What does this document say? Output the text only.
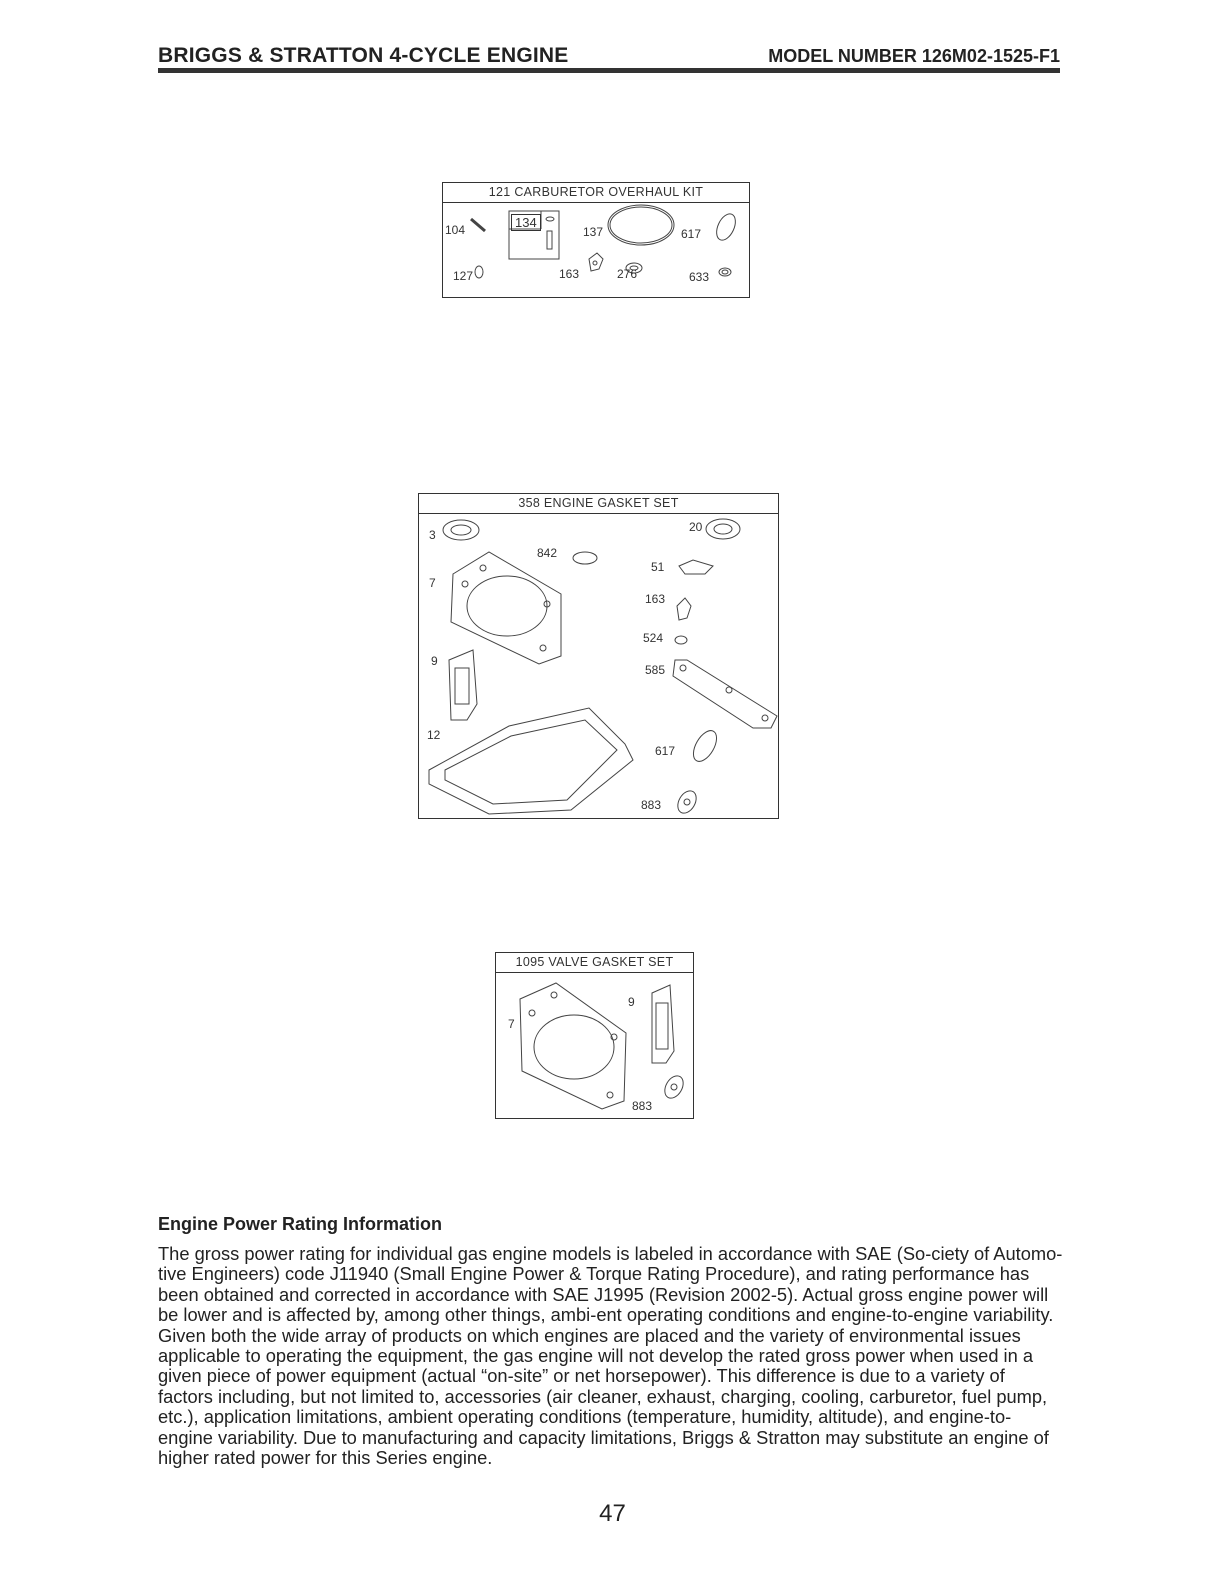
BRIGGS & STRATTON 4-CYCLE ENGINE	MODEL NUMBER 126M02-1525-F1
121 CARBURETOR OVERHAUL KIT
104	134
137	617
127	163	276	633
358 ENGINE GASKET SET
3
842
20
51
7
163
524
585
9
12
617
883
1095 VALVE GASKET SET
7
9
883
Engine Power Rating Information

The gross power rating for individual gas engine models is labeled in accordance with SAE (So-ciety of Automo-tive Engineers) code J11940 (Small Engine Power & Torque Rating Procedure), and rating performance has been obtained and corrected in accordance with SAE J1995 (Revision 2002-5). Actual gross engine power will be lower and is affected by, among other things, ambi-ent operating conditions and engine-to-engine variability. Given both the wide array of products on which engines are placed and the variety of environmental issues applicable to operating the equipment, the gas engine will not develop the rated gross power when used in a given piece of power equipment (actual “on-site” or net horsepower). This difference is due to a variety of factors including, but not limited to, accessories (air cleaner, exhaust, charging, cooling, carburetor, fuel pump, etc.), application limitations, ambient operating conditions (temperature, humidity, altitude), and engine-to-engine variability. Due to manufacturing and capacity limitations, Briggs & Stratton may substitute an engine of higher rated power for this Series engine.

47
